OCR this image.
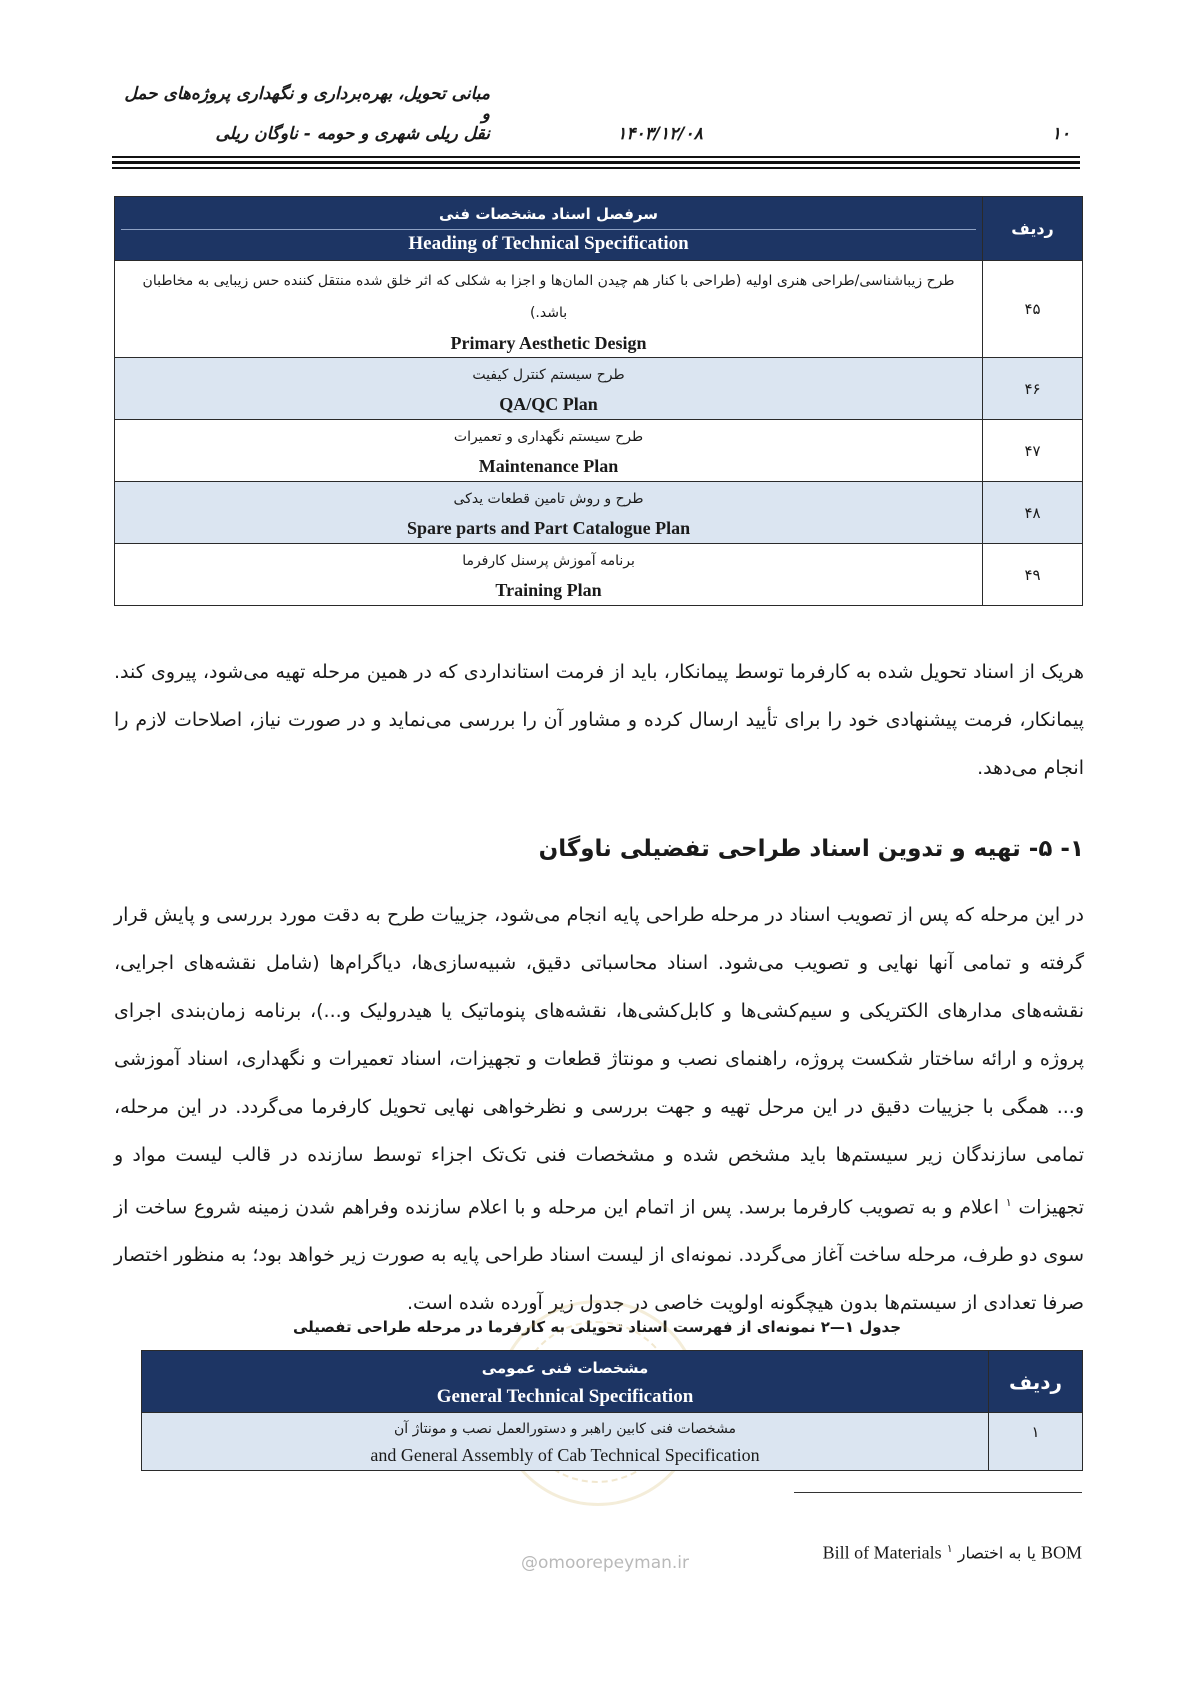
مبانی تحویل، بهره‌برداری و نگهداری پروژه‌های حمل و
نقل ریلی شهری و حومه - ناوگان ریلی	۱۴۰۳/۱۲/۰۸	۱۰
سرفصل اسناد مشخصات فنی
Heading of Technical Specification	ردیف

طرح زیباشناسی/طراحی هنری اولیه (طراحی با کنار هم چیدن المان‌ها و اجزا به شکلی که اثر خلق شده منتقل کننده حس زیبایی به مخاطبان باشد.)
Primary Aesthetic Design	۴۵

طرح سیستم کنترل کیفیت
QA/QC Plan	۴۶

طرح سیستم نگهداری و تعمیرات
Maintenance Plan	۴۷

طرح و روش تامین قطعات یدکی
Spare parts and Part Catalogue Plan	۴۸

برنامه آموزش پرسنل کارفرما
Training Plan	۴۹
هریک از اسناد تحویل شده به کارفرما توسط پیمانکار، باید از فرمت استانداردی که در همین مرحله تهیه می‌شود، پیروی کند. پیمانکار، فرمت پیشنهادی خود را برای تأیید ارسال کرده و مشاور آن را بررسی می‌نماید و در صورت نیاز، اصلاحات لازم را انجام می‌دهد.
۱- ۵- تهیه و تدوین اسناد طراحی تفضیلی ناوگان
در این مرحله که پس از تصویب اسناد در مرحله طراحی پایه انجام می‌شود، جزییات طرح به دقت مورد بررسی و پایش قرار گرفته و تمامی آنها نهایی و تصویب می‌شود. اسناد محاسباتی دقیق، شبیه‌سازی‌ها، دیاگرام‌ها (شامل نقشه‌های اجرایی، نقشه‌های مدارهای الکتریکی و سیم‌کشی‌ها و کابل‌کشی‌ها، نقشه‌های پنوماتیک یا هیدرولیک و...)، برنامه زمان‌بندی اجرای پروژه و ارائه ساختار شکست پروژه، راهنمای نصب و مونتاژ قطعات و تجهیزات، اسناد تعمیرات و نگهداری، اسناد آموزشی و... همگی با جزییات دقیق در این مرحل تهیه و جهت بررسی و نظرخواهی نهایی تحویل کارفرما می‌گردد. در این مرحله، تمامی سازندگان زیر سیستم‌ها باید مشخص شده و مشخصات فنی تک‌تک اجزاء توسط سازنده در قالب لیست مواد و تجهیزات $^۱$ اعلام و به تصویب کارفرما برسد. پس از اتمام این مرحله و با اعلام سازنده وفراهم شدن زمینه شروع ساخت از سوی دو طرف، مرحله ساخت آغاز می‌گردد. نمونه‌ای از لیست اسناد طراحی پایه به صورت زیر خواهد بود؛ به منظور اختصار صرفا تعدادی از سیستم‌ها بدون هیچگونه اولویت خاصی در جدول زیر آورده شده است.
جدول ۱—۲ نمونه‌ای از فهرست اسناد تحویلی به کارفرما در مرحله طراحی تفصیلی
مشخصات فنی عمومی
General Technical Specification	ردیف

مشخصات فنی کابین راهبر و دستورالعمل نصب و مونتاژ آن
and General Assembly of Cab Technical Specification	۱
BOM یا به اختصار Bill of Materials $^۱$
@omoorepeyman.ir
